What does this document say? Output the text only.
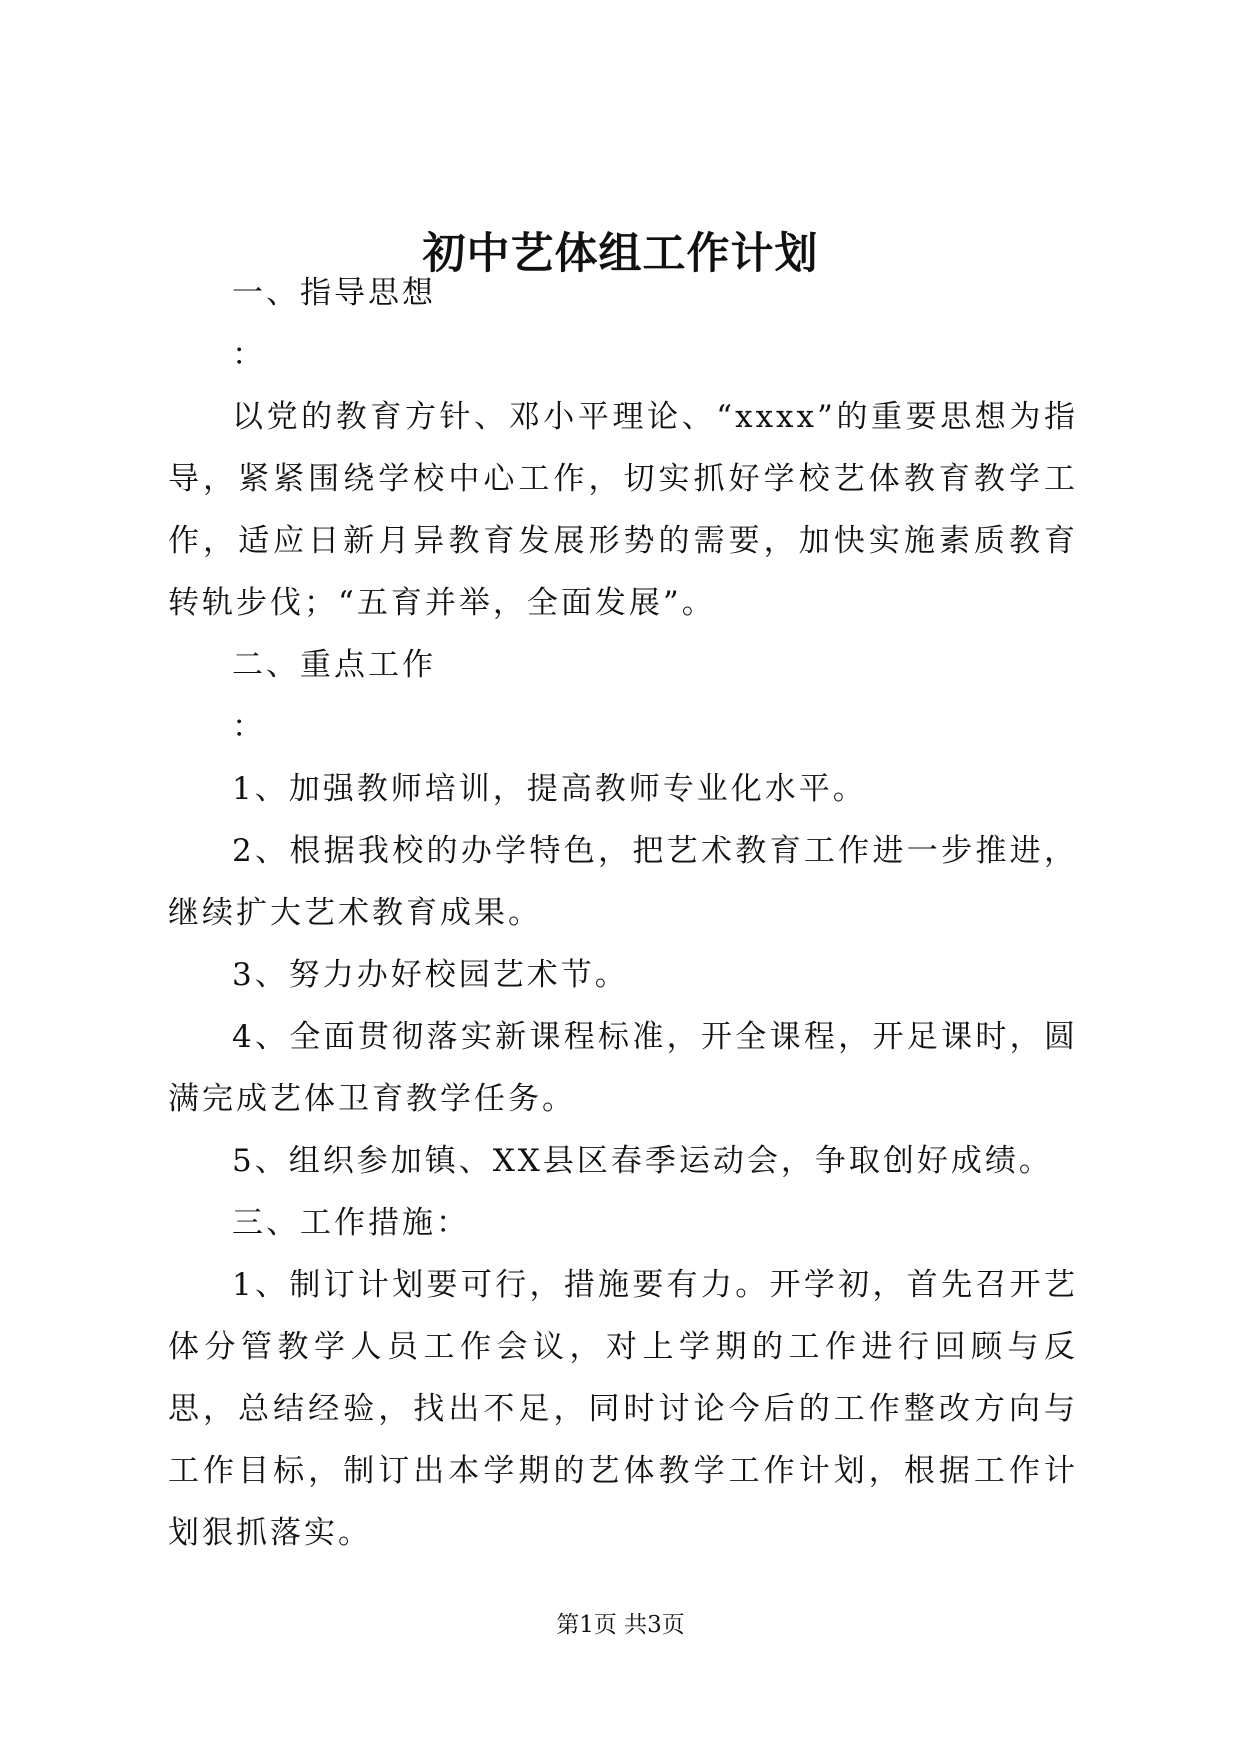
初中艺体组工作计划

一、指导思想

：

以党的教育方针、邓小平理论、“xxxx”的重要思想为指导，紧紧围绕学校中心工作，切实抓好学校艺体教育教学工作，适应日新月异教育发展形势的需要，加快实施素质教育转轨步伐；“五育并举，全面发展”。

二、重点工作

：

1、加强教师培训，提高教师专业化水平。

2、根据我校的办学特色，把艺术教育工作进一步推进，继续扩大艺术教育成果。

3、努力办好校园艺术节。

4、全面贯彻落实新课程标准，开全课程，开足课时，圆满完成艺体卫育教学任务。

5、组织参加镇、XX县区春季运动会，争取创好成绩。

三、工作措施：

1、制订计划要可行，措施要有力。开学初，首先召开艺体分管教学人员工作会议，对上学期的工作进行回顾与反思，总结经验，找出不足，同时讨论今后的工作整改方向与工作目标，制订出本学期的艺体教学工作计划，根据工作计划狠抓落实。

第1页 共3页
